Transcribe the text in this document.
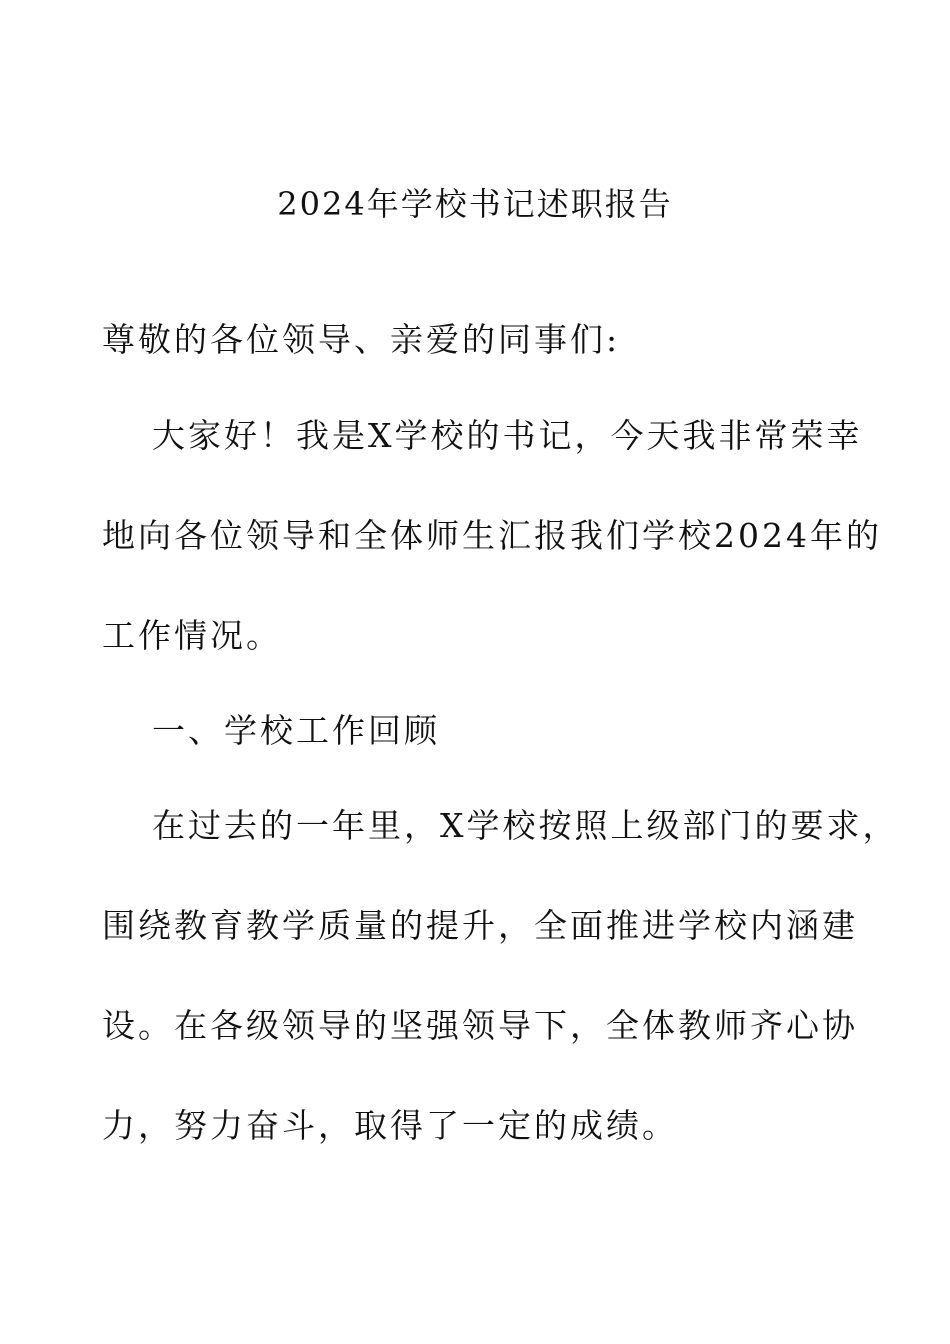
2024年学校书记述职报告
尊敬的各位领导、亲爱的同事们:
大家好！我是X学校的书记，今天我非常荣幸
地向各位领导和全体师生汇报我们学校2024年的
工作情况。
一、学校工作回顾
在过去的一年里，X学校按照上级部门的要求，
围绕教育教学质量的提升，全面推进学校内涵建
设。在各级领导的坚强领导下，全体教师齐心协
力，努力奋斗，取得了一定的成绩。
